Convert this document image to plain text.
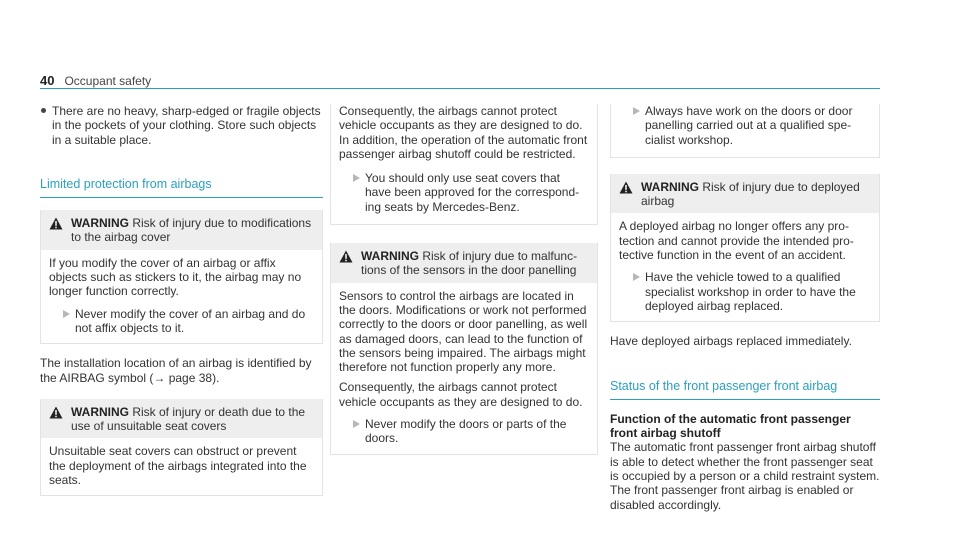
40 Occupant safety

There are no heavy, sharp-edged or fragile objects in the pockets of your clothing. Store such objects in a suitable place.

Limited protection from airbags

WARNING Risk of injury due to modifications to the airbag cover

If you modify the cover of an airbag or affix objects such as stickers to it, the airbag may no longer function correctly.

Never modify the cover of an airbag and do not affix objects to it.

The installation location of an airbag is identified by the AIRBAG symbol (→ page 38).

WARNING Risk of injury or death due to the use of unsuitable seat covers

Unsuitable seat covers can obstruct or prevent the deployment of the airbags integrated into the seats.

Consequently, the airbags cannot protect vehicle occupants as they are designed to do. In addition, the operation of the automatic front passenger airbag shutoff could be restricted.

You should only use seat covers that have been approved for the corresponding seats by Mercedes-Benz.

WARNING Risk of injury due to malfunctions of the sensors in the door panelling

Sensors to control the airbags are located in the doors. Modifications or work not performed correctly to the doors or door panelling, as well as damaged doors, can lead to the function of the sensors being impaired. The airbags might therefore not function properly any more.

Consequently, the airbags cannot protect vehicle occupants as they are designed to do.

Never modify the doors or parts of the doors.

Always have work on the doors or door panelling carried out at a qualified specialist workshop.

WARNING Risk of injury due to deployed airbag

A deployed airbag no longer offers any protection and cannot provide the intended protective function in the event of an accident.

Have the vehicle towed to a qualified specialist workshop in order to have the deployed airbag replaced.

Have deployed airbags replaced immediately.

Status of the front passenger front airbag

Function of the automatic front passenger front airbag shutoff

The automatic front passenger front airbag shutoff is able to detect whether the front passenger seat is occupied by a person or a child restraint system. The front passenger front airbag is enabled or disabled accordingly.
